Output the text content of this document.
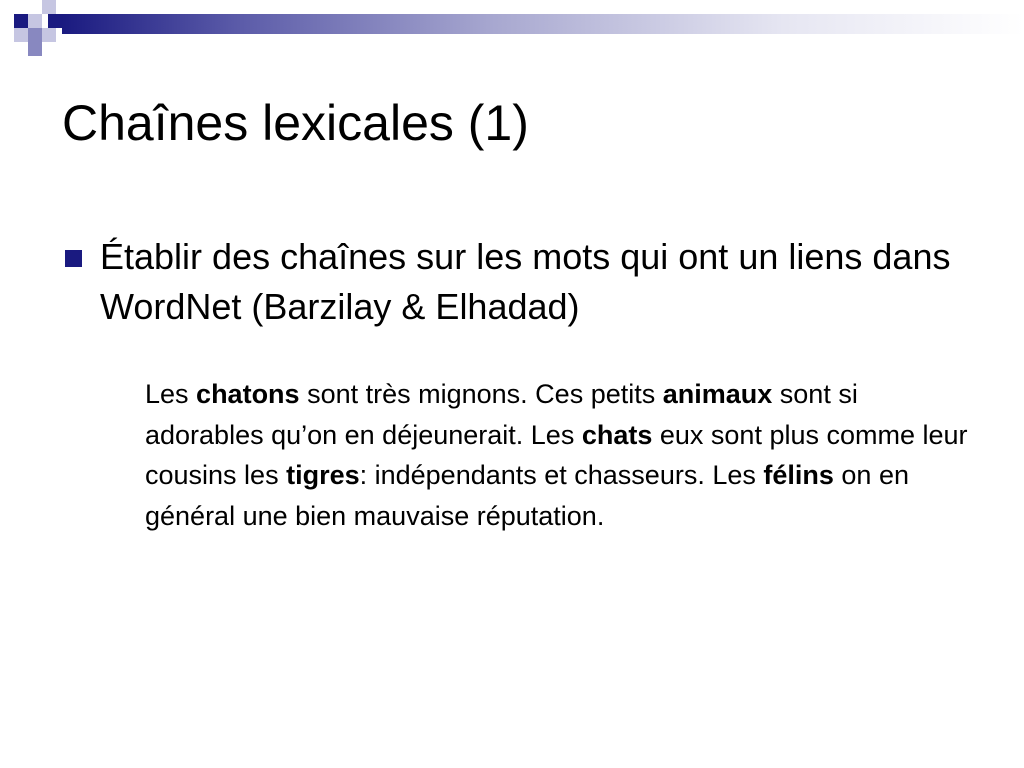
Chaînes lexicales (1)
Établir des chaînes sur les mots qui ont un liens dans WordNet (Barzilay & Elhadad)

Les chatons sont très mignons. Ces petits animaux sont si adorables qu’on en déjeunerait. Les chats eux sont plus comme leur cousins les tigres: indépendants et chasseurs. Les félins on en général une bien mauvaise réputation.
